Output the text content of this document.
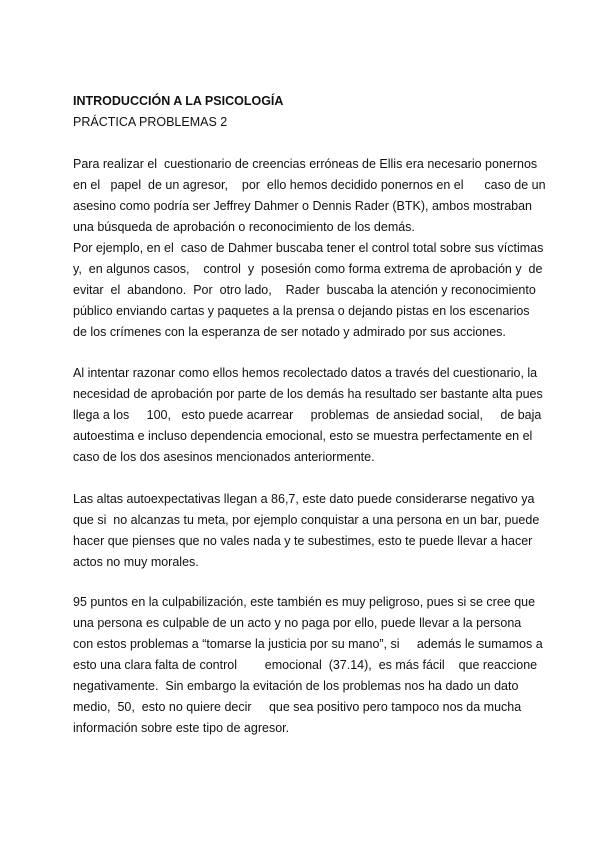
INTRODUCCIÓN A LA PSICOLOGÍA
PRÁCTICA PROBLEMAS 2
Para realizar el  cuestionario de creencias erróneas de Ellis era necesario ponernos
en el   papel  de un agresor,    por  ello hemos decidido ponernos en el      caso de un
asesino como podría ser Jeffrey Dahmer o Dennis Rader (BTK), ambos mostraban
una búsqueda de aprobación o reconocimiento de los demás.
Por ejemplo, en el  caso de Dahmer buscaba tener el control total sobre sus víctimas
y,  en algunos casos,    control  y  posesión como forma extrema de aprobación y  de
evitar  el  abandono.  Por  otro lado,    Rader  buscaba la atención y reconocimiento
público enviando cartas y paquetes a la prensa o dejando pistas en los escenarios
de los crímenes con la esperanza de ser notado y admirado por sus acciones.
Al intentar razonar como ellos hemos recolectado datos a través del cuestionario, la
necesidad de aprobación por parte de los demás ha resultado ser bastante alta pues
llega a los     100,   esto puede acarrear     problemas  de ansiedad social,     de baja
autoestima e incluso dependencia emocional, esto se muestra perfectamente en el
caso de los dos asesinos mencionados anteriormente.
Las altas autoexpectativas llegan a 86,7, este dato puede considerarse negativo ya
que si  no alcanzas tu meta, por ejemplo conquistar a una persona en un bar, puede
hacer que pienses que no vales nada y te subestimes, esto te puede llevar a hacer
actos no muy morales.
95 puntos en la culpabilización, este también es muy peligroso, pues si se cree que
una persona es culpable de un acto y no paga por ello, puede llevar a la persona
con estos problemas a “tomarse la justicia por su mano”, si     además le sumamos a
esto una clara falta de control        emocional  (37.14),  es más fácil    que reaccione
negativamente.  Sin embargo la evitación de los problemas nos ha dado un dato
medio,  50,  esto no quiere decir     que sea positivo pero tampoco nos da mucha
información sobre este tipo de agresor.
